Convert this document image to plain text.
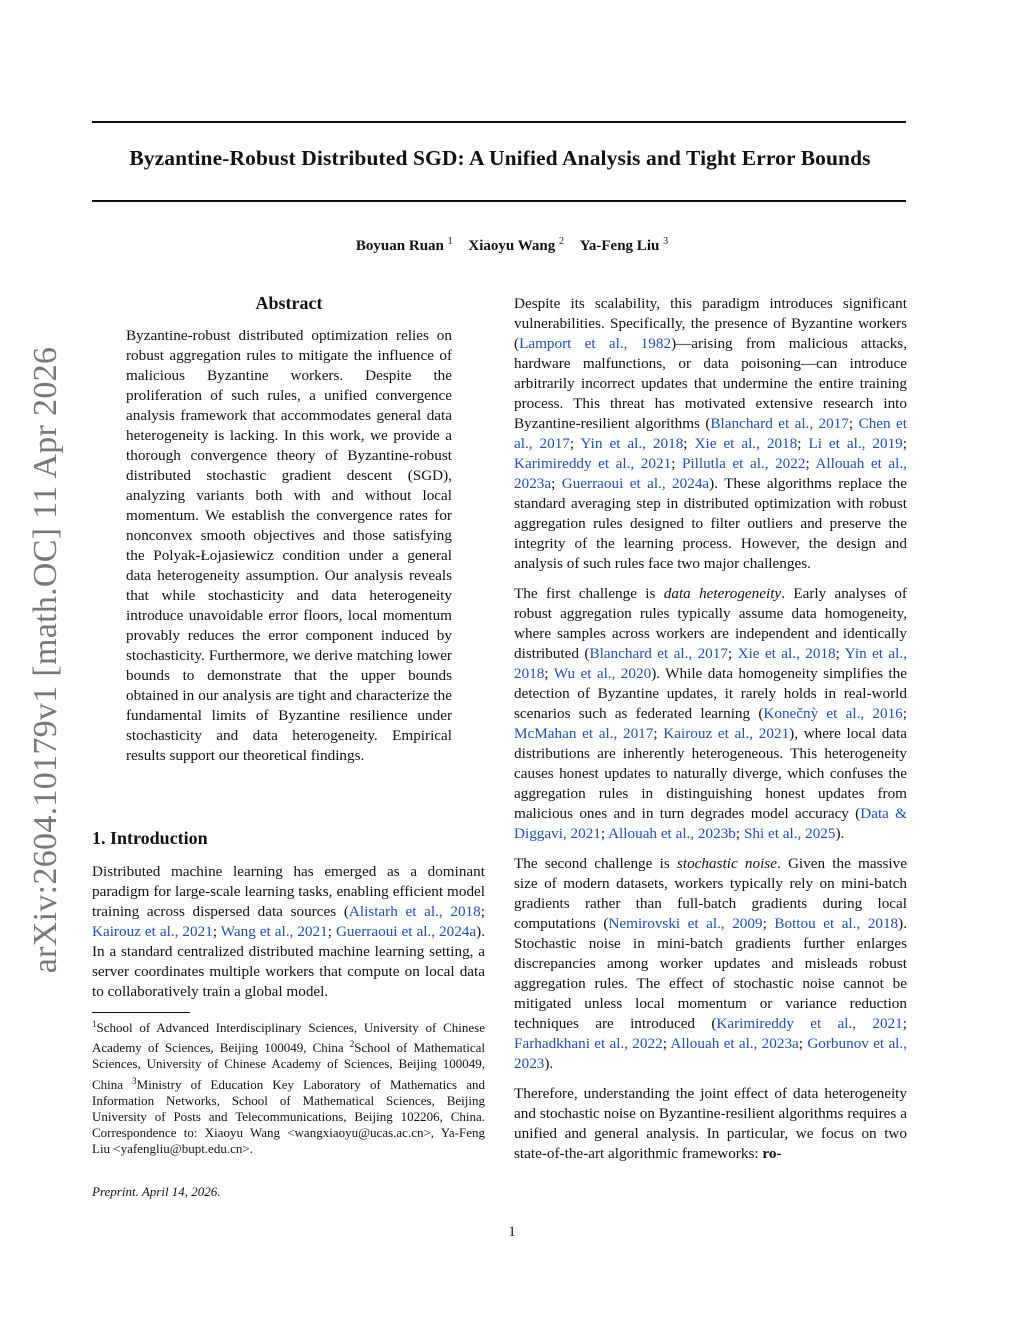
Byzantine-Robust Distributed SGD: A Unified Analysis and Tight Error Bounds
Boyuan Ruan $^1$ Xiaoyu Wang $^2$ Ya-Feng Liu $^3$
arXiv:2604.10179v1 [math.OC] 11 Apr 2026
Abstract
Byzantine-robust distributed optimization relies on robust aggregation rules to mitigate the influence of malicious Byzantine workers. Despite the proliferation of such rules, a unified convergence analysis framework that accommodates general data heterogeneity is lacking. In this work, we provide a thorough convergence theory of Byzantine-robust distributed stochastic gradient descent (SGD), analyzing variants both with and without local momentum. We establish the convergence rates for nonconvex smooth objectives and those satisfying the Polyak-Łojasiewicz condition under a general data heterogeneity assumption. Our analysis reveals that while stochasticity and data heterogeneity introduce unavoidable error floors, local momentum provably reduces the error component induced by stochasticity. Furthermore, we derive matching lower bounds to demonstrate that the upper bounds obtained in our analysis are tight and characterize the fundamental limits of Byzantine resilience under stochasticity and data heterogeneity. Empirical results support our theoretical findings.
1. Introduction
Distributed machine learning has emerged as a dominant paradigm for large-scale learning tasks, enabling efficient model training across dispersed data sources (Alistarh et al., 2018; Kairouz et al., 2021; Wang et al., 2021; Guerraoui et al., 2024a). In a standard centralized distributed machine learning setting, a server coordinates multiple workers that compute on local data to collaboratively train a global model.
$^1$School of Advanced Interdisciplinary Sciences, University of Chinese Academy of Sciences, Beijing 100049, China $^2$School of Mathematical Sciences, University of Chinese Academy of Sciences, Beijing 100049, China $^3$Ministry of Education Key Laboratory of Mathematics and Information Networks, School of Mathematical Sciences, Beijing University of Posts and Telecommunications, Beijing 102206, China. Correspondence to: Xiaoyu Wang <wangxiaoyu@ucas.ac.cn>, Ya-Feng Liu <yafengliu@bupt.edu.cn>.
Preprint. April 14, 2026.

Despite its scalability, this paradigm introduces significant vulnerabilities. Specifically, the presence of Byzantine workers (Lamport et al., 1982)—arising from malicious attacks, hardware malfunctions, or data poisoning—can introduce arbitrarily incorrect updates that undermine the entire training process. This threat has motivated extensive research into Byzantine-resilient algorithms (Blanchard et al., 2017; Chen et al., 2017; Yin et al., 2018; Xie et al., 2018; Li et al., 2019; Karimireddy et al., 2021; Pillutla et al., 2022; Allouah et al., 2023a; Guerraoui et al., 2024a). These algorithms replace the standard averaging step in distributed optimization with robust aggregation rules designed to filter outliers and preserve the integrity of the learning process. However, the design and analysis of such rules face two major challenges.

The first challenge is data heterogeneity. Early analyses of robust aggregation rules typically assume data homogeneity, where samples across workers are independent and identically distributed (Blanchard et al., 2017; Xie et al., 2018; Yin et al., 2018; Wu et al., 2020). While data homogeneity simplifies the detection of Byzantine updates, it rarely holds in real-world scenarios such as federated learning (Konečnỳ et al., 2016; McMahan et al., 2017; Kairouz et al., 2021), where local data distributions are inherently heterogeneous. This heterogeneity causes honest updates to naturally diverge, which confuses the aggregation rules in distinguishing honest updates from malicious ones and in turn degrades model accuracy (Data & Diggavi, 2021; Allouah et al., 2023b; Shi et al., 2025).

The second challenge is stochastic noise. Given the massive size of modern datasets, workers typically rely on mini-batch gradients rather than full-batch gradients during local computations (Nemirovski et al., 2009; Bottou et al., 2018). Stochastic noise in mini-batch gradients further enlarges discrepancies among worker updates and misleads robust aggregation rules. The effect of stochastic noise cannot be mitigated unless local momentum or variance reduction techniques are introduced (Karimireddy et al., 2021; Farhadkhani et al., 2022; Allouah et al., 2023a; Gorbunov et al., 2023).

Therefore, understanding the joint effect of data heterogeneity and stochastic noise on Byzantine-resilient algorithms requires a unified and general analysis. In particular, we focus on two state-of-the-art algorithmic frameworks: ro-

1
